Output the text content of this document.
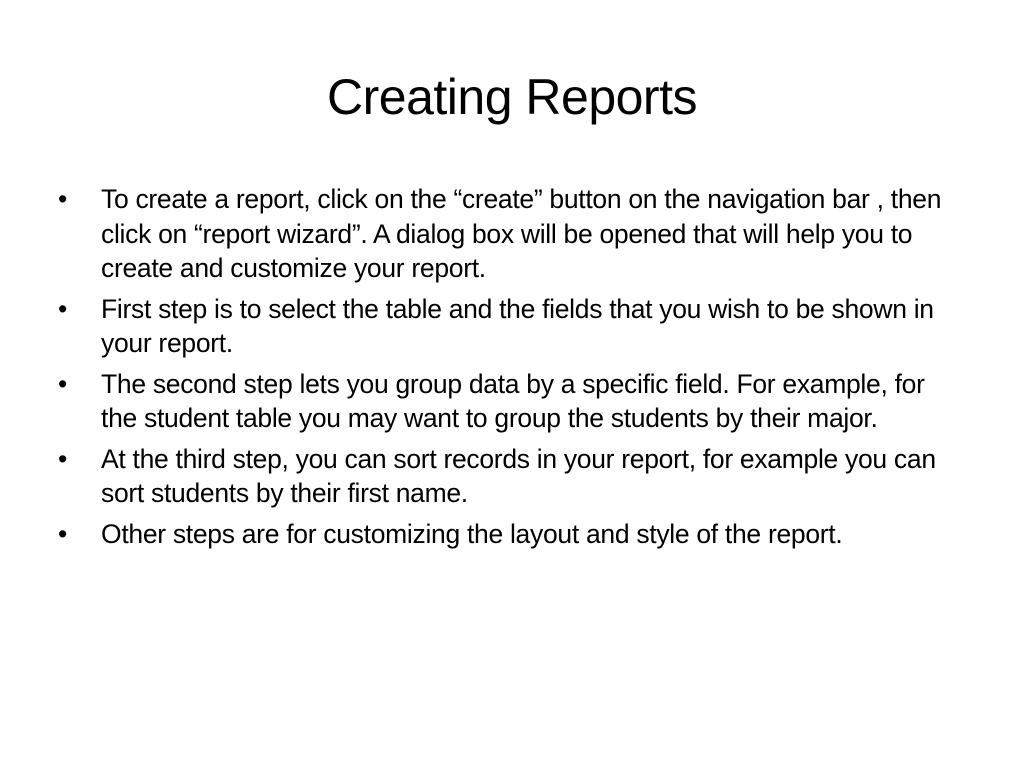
Creating Reports
•	To create a report, click on the “create” button on the navigation bar , then click on “report wizard”. A dialog box will be opened that will help you to create and customize your report.
•	First step is to select the table and the fields that you wish to be shown in your report.
•	The second step lets you group data by a specific field. For example, for the student table you may want to group the students by their major.
•	At the third step, you can sort records in your report, for example you can sort students by their first name.
•	Other steps are for customizing the layout and style of the report.
